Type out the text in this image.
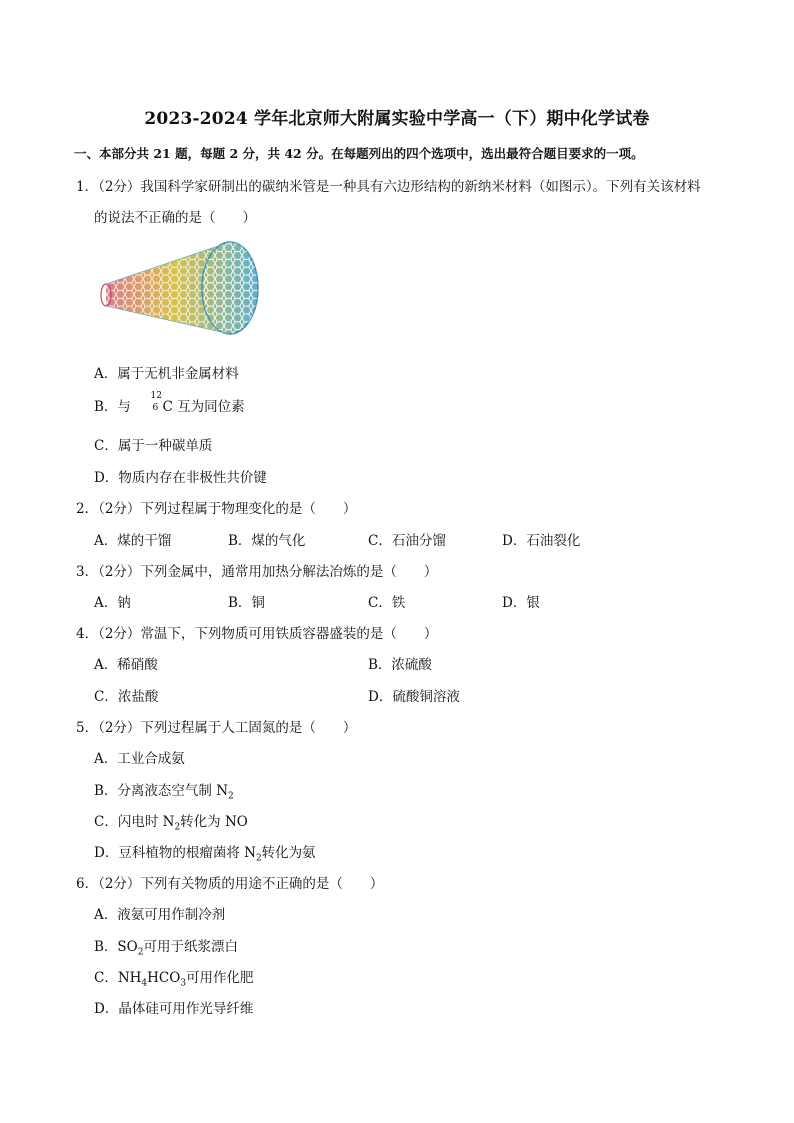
2023-2024 学年北京师大附属实验中学高一（下）期中化学试卷
一、本部分共 21 题，每题 2 分，共 42 分。在每题列出的四个选项中，选出最符合题目要求的一项。
1．（2分）我国科学家研制出的碳纳米管是一种具有六边形结构的新纳米材料（如图示）。下列有关该材料
的说法不正确的是（　　）
A．属于无机非金属材料
B．与
12
6 C 互为同位素
C．属于一种碳单质
D．物质内存在非极性共价键
2．（2分）下列过程属于物理变化的是（　　）
A．煤的干馏	B．煤的气化	C．石油分馏	D．石油裂化
3．（2分）下列金属中，通常用加热分解法冶炼的是（　　）
A．钠	B．铜	C．铁	D．银
4．（2分）常温下，下列物质可用铁质容器盛装的是（　　）
A．稀硝酸	B．浓硫酸
C．浓盐酸	D．硫酸铜溶液
5．（2分）下列过程属于人工固氮的是（　　）
A．工业合成氨
B．分离液态空气制 $N_2$
C．闪电时 $N_2$转化为 NO
D．豆科植物的根瘤菌将 $N_2$转化为氨
6．（2分）下列有关物质的用途不正确的是（　　）
A．液氨可用作制冷剂
B．$SO_2$可用于纸浆漂白
C．$NH_4HCO_3$可用作化肥
D．晶体硅可用作光导纤维
